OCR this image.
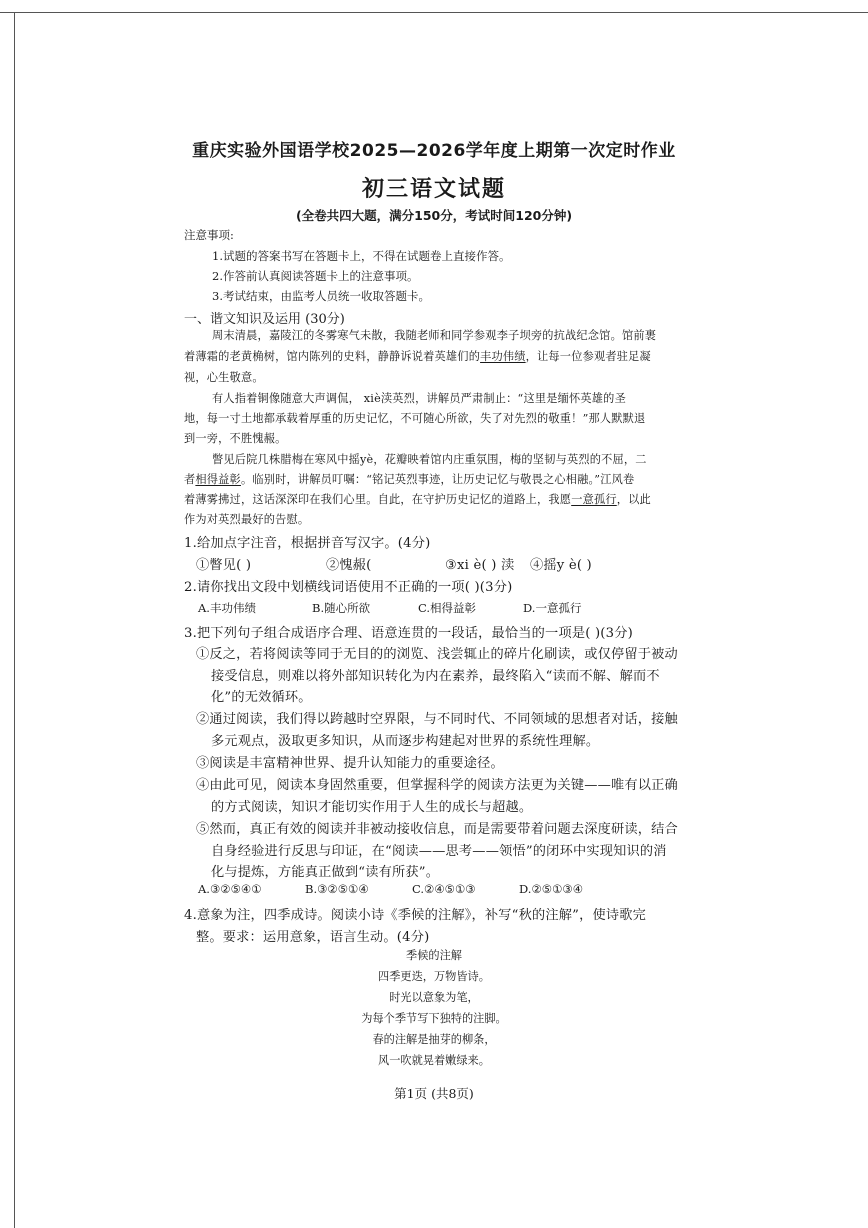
重庆实验外国语学校2025—2026学年度上期第一次定时作业
初三语文试题
(全卷共四大题，满分150分，考试时间120分钟)
注意事项:
1.试题的答案书写在答题卡上，不得在试题卷上直接作答。
2.作答前认真阅读答题卡上的注意事项。
3.考试结束，由监考人员统一收取答题卡。
一、谐文知识及运用 (30分)
周末清晨，嘉陵江的冬雾寒气未散，我随老师和同学参观李子坝旁的抗战纪念馆。馆前裹
着薄霜的老黄桷树，馆内陈列的史料，静静诉说着英雄们的丰功伟绩，让每一位参观者驻足凝
视，心生敬意。
有人指着铜像随意大声调侃， xiè渎英烈，讲解员严肃制止：“这里是缅怀英雄的圣
地，每一寸土地都承载着厚重的历史记忆，不可随心所欲，失了对先烈的敬重！”那人默默退
到一旁，不胜愧赧。
瞥见后院几株腊梅在寒风中摇yè，花瓣映着馆内庄重氛围，梅的坚韧与英烈的不屈，二
者相得益彰。临别时，讲解员叮嘱：“铭记英烈事迹，让历史记忆与敬畏之心相融。”江风卷
着薄雾拂过，这话深深印在我们心里。自此，在守护历史记忆的道路上，我愿一意孤行，以此
作为对英烈最好的告慰。
1.给加点字注音，根据拼音写汉字。(4分)
①瞥见( )	②愧赧(	③xi è( ) 渎 ④摇y è( )
2.请你找出文段中划横线词语使用不正确的一项( )(3分)
A.丰功伟绩	B.随心所欲	C.相得益彰	D.一意孤行
3.把下列句子组合成语序合理、语意连贯的一段话，最恰当的一项是( )(3分)
①反之，若将阅读等同于无目的的浏览、浅尝辄止的碎片化刷读，或仅停留于被动
接受信息，则难以将外部知识转化为内在素养，最终陷入“读而不解、解而不
化”的无效循环。
②通过阅读，我们得以跨越时空界限，与不同时代、不同领域的思想者对话，接触
多元观点，汲取更多知识，从而逐步构建起对世界的系统性理解。
③阅读是丰富精神世界、提升认知能力的重要途径。
④由此可见，阅读本身固然重要，但掌握科学的阅读方法更为关键——唯有以正确
的方式阅读，知识才能切实作用于人生的成长与超越。
⑤然而，真正有效的阅读并非被动接收信息，而是需要带着问题去深度研读，结合
自身经验进行反思与印证，在“阅读——思考——领悟”的闭环中实现知识的消
化与提炼，方能真正做到“读有所获”。
A.③②⑤④①	B.③②⑤①④	C.②④⑤①③	D.②⑤①③④
4.意象为注，四季成诗。阅读小诗《季候的注解》，补写“秋的注解”，使诗歌完
整。要求：运用意象，语言生动。(4分)
季候的注解
四季更迭，万物皆诗。
时光以意象为笔，
为每个季节写下独特的注脚。
春的注解是抽芽的柳条，
风一吹就晃着嫩绿来。
第1页 (共8页)
